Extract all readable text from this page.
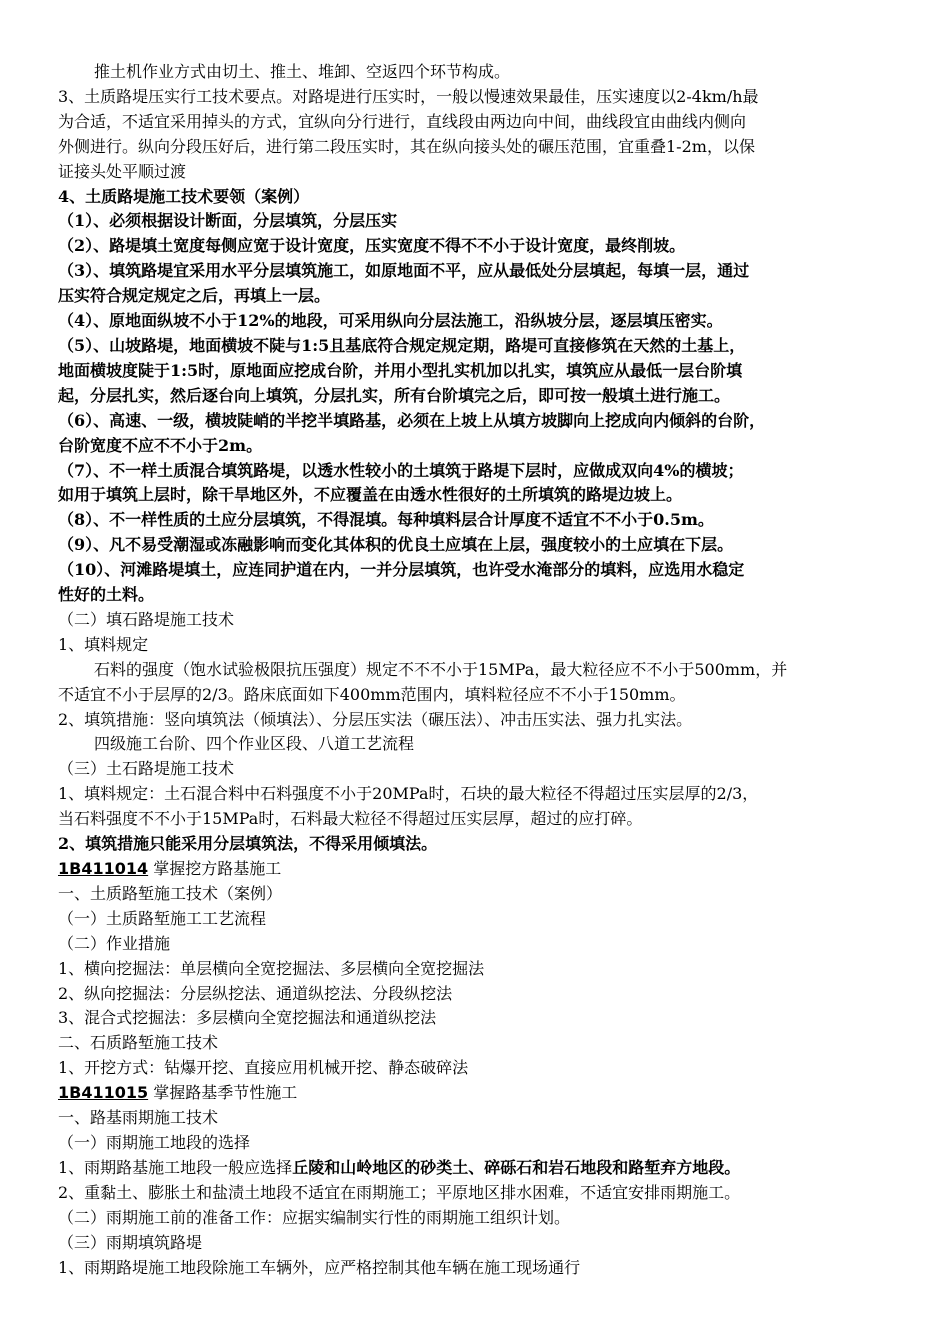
推土机作业方式由切土、推土、堆卸、空返四个环节构成。
3、土质路堤压实行工技术要点。对路堤进行压实时，一般以慢速效果最佳，压实速度以2-4km/h最
为合适，不适宜采用掉头的方式，宜纵向分行进行，直线段由两边向中间，曲线段宜由曲线内侧向
外侧进行。纵向分段压好后，进行第二段压实时，其在纵向接头处的碾压范围，宜重叠1-2m，以保
证接头处平顺过渡
4、土质路堤施工技术要领（案例）
（1）、必须根据设计断面，分层填筑，分层压实
（2）、路堤填土宽度每侧应宽于设计宽度，压实宽度不得不不小于设计宽度，最终削坡。
（3）、填筑路堤宜采用水平分层填筑施工，如原地面不平，应从最低处分层填起，每填一层，通过
压实符合规定规定之后，再填上一层。
（4）、原地面纵坡不小于12%的地段，可采用纵向分层法施工，沿纵坡分层，逐层填压密实。
（5）、山坡路堤，地面横坡不陡与1:5且基底符合规定规定期，路堤可直接修筑在天然的土基上，
地面横坡度陡于1:5时，原地面应挖成台阶，并用小型扎实机加以扎实，填筑应从最低一层台阶填
起，分层扎实，然后逐台向上填筑，分层扎实，所有台阶填完之后，即可按一般填土进行施工。
（6）、高速、一级，横坡陡峭的半挖半填路基，必须在上坡上从填方坡脚向上挖成向内倾斜的台阶，
台阶宽度不应不不小于2m。
（7）、不一样土质混合填筑路堤，以透水性较小的土填筑于路堤下层时，应做成双向4%的横坡；
如用于填筑上层时，除干旱地区外，不应覆盖在由透水性很好的土所填筑的路堤边坡上。
（8）、不一样性质的土应分层填筑，不得混填。每种填料层合计厚度不适宜不不小于0.5m。
（9）、凡不易受潮湿或冻融影响而变化其体积的优良土应填在上层，强度较小的土应填在下层。
（10）、河滩路堤填土，应连同护道在内，一并分层填筑，也许受水淹部分的填料，应选用水稳定
性好的土料。
（二）填石路堤施工技术
1、填料规定
石料的强度（饱水试验极限抗压强度）规定不不不小于15MPa，最大粒径应不不小于500mm，并
不适宜不小于层厚的2/3。路床底面如下400mm范围内，填料粒径应不不小于150mm。
2、填筑措施：竖向填筑法（倾填法）、分层压实法（碾压法）、冲击压实法、强力扎实法。
四级施工台阶、四个作业区段、八道工艺流程
（三）土石路堤施工技术
1、填料规定：土石混合料中石料强度不小于20MPa时，石块的最大粒径不得超过压实层厚的2/3，
当石料强度不不小于15MPa时，石料最大粒径不得超过压实层厚，超过的应打碎。
2、填筑措施只能采用分层填筑法，不得采用倾填法。
1B411014 掌握挖方路基施工
一、土质路堑施工技术（案例）
（一）土质路堑施工工艺流程
（二）作业措施
1、横向挖掘法：单层横向全宽挖掘法、多层横向全宽挖掘法
2、纵向挖掘法：分层纵挖法、通道纵挖法、分段纵挖法
3、混合式挖掘法：多层横向全宽挖掘法和通道纵挖法
二、石质路堑施工技术
1、开挖方式：钻爆开挖、直接应用机械开挖、静态破碎法
1B411015 掌握路基季节性施工
一、路基雨期施工技术
（一）雨期施工地段的选择
1、雨期路基施工地段一般应选择丘陵和山岭地区的砂类土、碎砾石和岩石地段和路堑弃方地段。
2、重黏土、膨胀土和盐渍土地段不适宜在雨期施工；平原地区排水困难，不适宜安排雨期施工。
（二）雨期施工前的准备工作：应据实编制实行性的雨期施工组织计划。
（三）雨期填筑路堤
1、雨期路堤施工地段除施工车辆外，应严格控制其他车辆在施工现场通行
